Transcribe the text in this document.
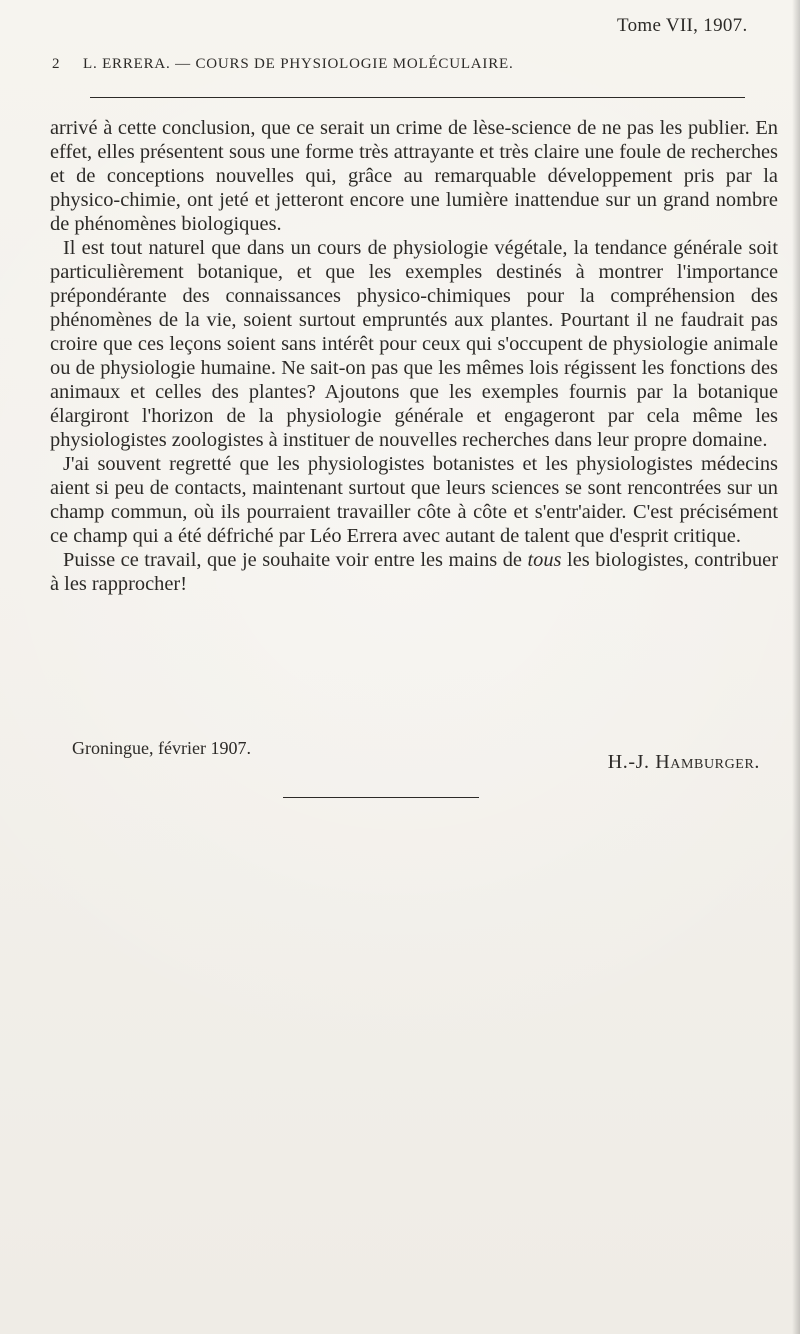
Tome VII, 1907.
2 L. ERRERA. — COURS DE PHYSIOLOGIE MOLÉCULAIRE.

arrivé à cette conclusion, que ce serait un crime de lèse-science de ne pas les publier. En effet, elles présentent sous une forme très attrayante et très claire une foule de recherches et de conceptions nouvelles qui, grâce au remarquable développement pris par la physico-chimie, ont jeté et jetteront encore une lumière inattendue sur un grand nombre de phénomènes biologiques.

Il est tout naturel que dans un cours de physiologie végétale, la tendance générale soit particulièrement botanique, et que les exemples destinés à montrer l'importance prépondérante des connaissances physico-chimiques pour la compréhension des phénomènes de la vie, soient surtout empruntés aux plantes. Pourtant il ne faudrait pas croire que ces leçons soient sans intérêt pour ceux qui s'occupent de physiologie animale ou de physiologie humaine. Ne sait-on pas que les mêmes lois régissent les fonctions des animaux et celles des plantes? Ajoutons que les exemples fournis par la botanique élargiront l'horizon de la physiologie générale et engageront par cela même les physiologistes zoologistes à instituer de nouvelles recherches dans leur propre domaine.

J'ai souvent regretté que les physiologistes botanistes et les physiologistes médecins aient si peu de contacts, maintenant surtout que leurs sciences se sont rencontrées sur un champ commun, où ils pourraient travailler côte à côte et s'entr'aider. C'est précisément ce champ qui a été défriché par Léo Errera avec autant de talent que d'esprit critique.

Puisse ce travail, que je souhaite voir entre les mains de tous les biologistes, contribuer à les rapprocher!

Groningue, février 1907.
H.-J. Hamburger.
